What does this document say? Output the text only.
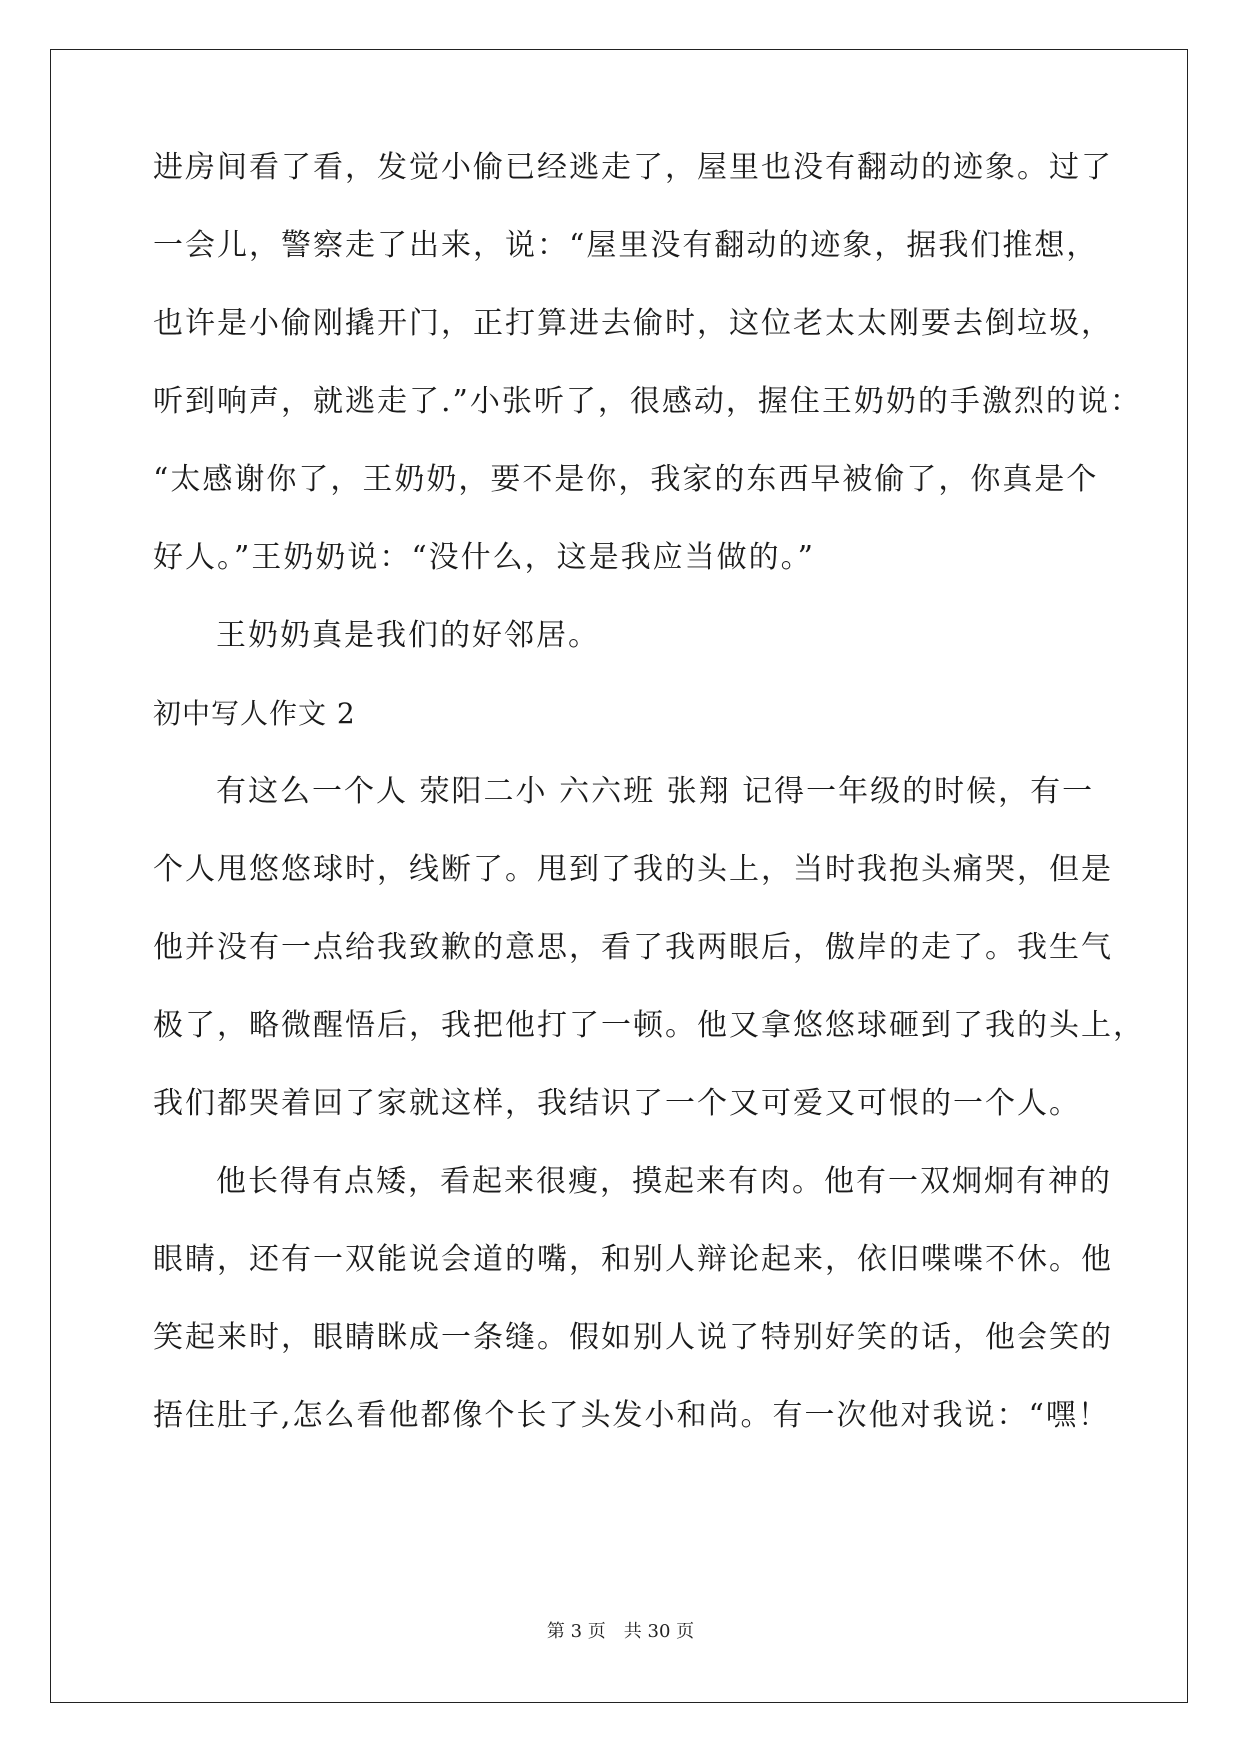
进房间看了看，发觉小偷已经逃走了，屋里也没有翻动的迹象。过了
一会儿，警察走了出来，说：“屋里没有翻动的迹象，据我们推想，
也许是小偷刚撬开门，正打算进去偷时，这位老太太刚要去倒垃圾，
听到响声，就逃走了.”小张听了，很感动，握住王奶奶的手激烈的说：
“太感谢你了，王奶奶，要不是你，我家的东西早被偷了，你真是个
好人。”王奶奶说：“没什么，这是我应当做的。”
王奶奶真是我们的好邻居。
初中写人作文 2
有这么一个人 荥阳二小 六六班 张翔 记得一年级的时候，有一
个人甩悠悠球时，线断了。甩到了我的头上，当时我抱头痛哭，但是
他并没有一点给我致歉的意思，看了我两眼后，傲岸的走了。我生气
极了，略微醒悟后，我把他打了一顿。他又拿悠悠球砸到了我的头上，
我们都哭着回了家就这样，我结识了一个又可爱又可恨的一个人。
他长得有点矮，看起来很瘦，摸起来有肉。他有一双炯炯有神的
眼睛，还有一双能说会道的嘴，和别人辩论起来，依旧喋喋不休。他
笑起来时，眼睛眯成一条缝。假如别人说了特别好笑的话，他会笑的
捂住肚子,怎么看他都像个长了头发小和尚。有一次他对我说：“嘿！
第 3 页 共 30 页
